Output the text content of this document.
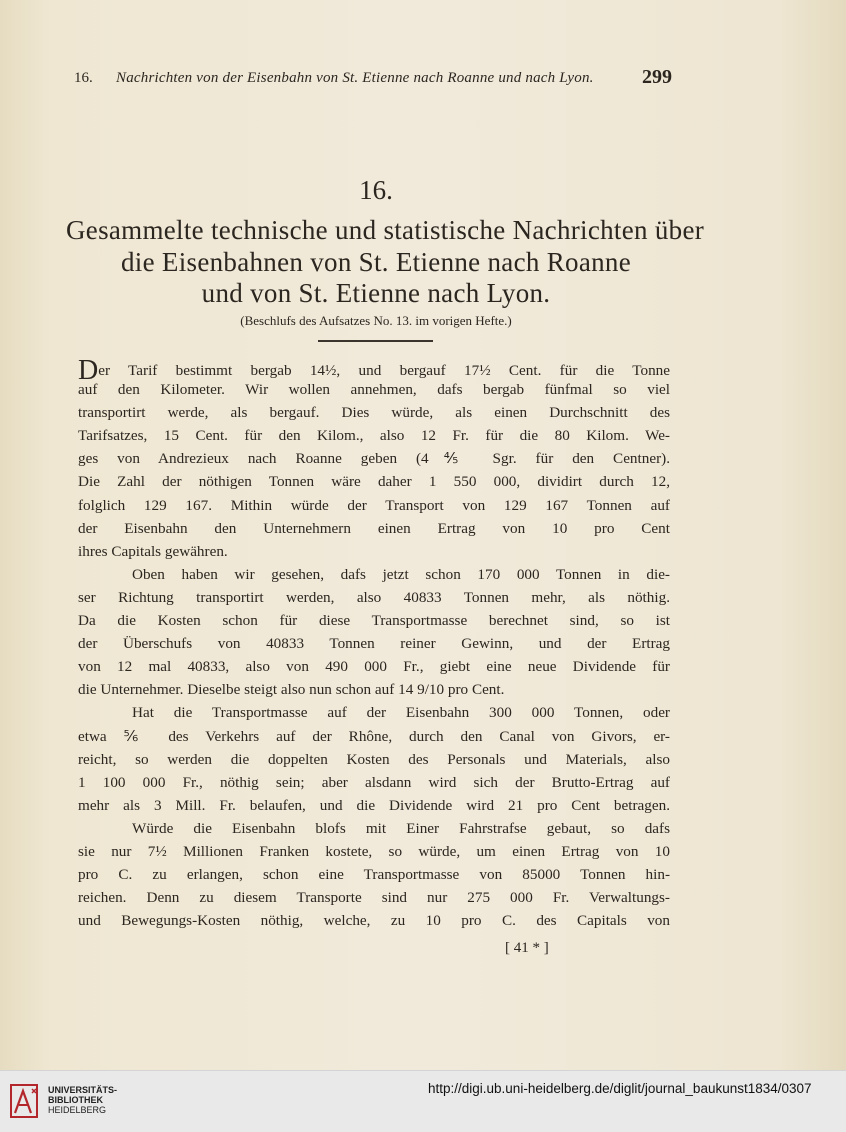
16. Nachrichten von der Eisenbahn von St. Etienne nach Roanne und nach Lyon. 299
16.
Gesammelte technische und statistische Nachrichten über
die Eisenbahnen von St. Etienne nach Roanne
und von St. Etienne nach Lyon.
(Beschlufs des Aufsatzes No. 13. im vorigen Hefte.)
Der Tarif bestimmt bergab 14½, und bergauf 17½ Cent. für die Tonne
auf den Kilometer. Wir wollen annehmen, dafs bergab fünfmal so viel
transportirt werde, als bergauf. Dies würde, als einen Durchschnitt des
Tarifsatzes, 15 Cent. für den Kilom., also 12 Fr. für die 80 Kilom. We-
ges von Andrezieux nach Roanne geben (4⅘ Sgr. für den Centner).
Die Zahl der nöthigen Tonnen wäre daher 1 550 000, dividirt durch 12,
folglich 129 167. Mithin würde der Transport von 129 167 Tonnen auf
der Eisenbahn den Unternehmern einen Ertrag von 10 pro Cent
ihres Capitals gewähren.
Oben haben wir gesehen, dafs jetzt schon 170 000 Tonnen in die-
ser Richtung transportirt werden, also 40833 Tonnen mehr, als nöthig.
Da die Kosten schon für diese Transportmasse berechnet sind, so ist
der Überschufs von 40833 Tonnen reiner Gewinn, und der Ertrag
von 12 mal 40833, also von 490 000 Fr., giebt eine neue Dividende für
die Unternehmer. Dieselbe steigt also nun schon auf 14 9/10 pro Cent.
Hat die Transportmasse auf der Eisenbahn 300 000 Tonnen, oder
etwa ⅚ des Verkehrs auf der Rhône, durch den Canal von Givors, er-
reicht, so werden die doppelten Kosten des Personals und Materials, also
1 100 000 Fr., nöthig sein; aber alsdann wird sich der Brutto-Ertrag auf
mehr als 3 Mill. Fr. belaufen, und die Dividende wird 21 pro Cent betragen.
Würde die Eisenbahn blofs mit Einer Fahrstrafse gebaut, so dafs
sie nur 7½ Millionen Franken kostete, so würde, um einen Ertrag von 10
pro C. zu erlangen, schon eine Transportmasse von 85000 Tonnen hin-
reichen. Denn zu diesem Transporte sind nur 275 000 Fr. Verwaltungs-
und Bewegungs-Kosten nöthig, welche, zu 10 pro C. des Capitals von
[ 41 * ]
UNIVERSITÄTS-
BIBLIOTHEK
HEIDELBERG
http://digi.ub.uni-heidelberg.de/diglit/journal_baukunst1834/0307
